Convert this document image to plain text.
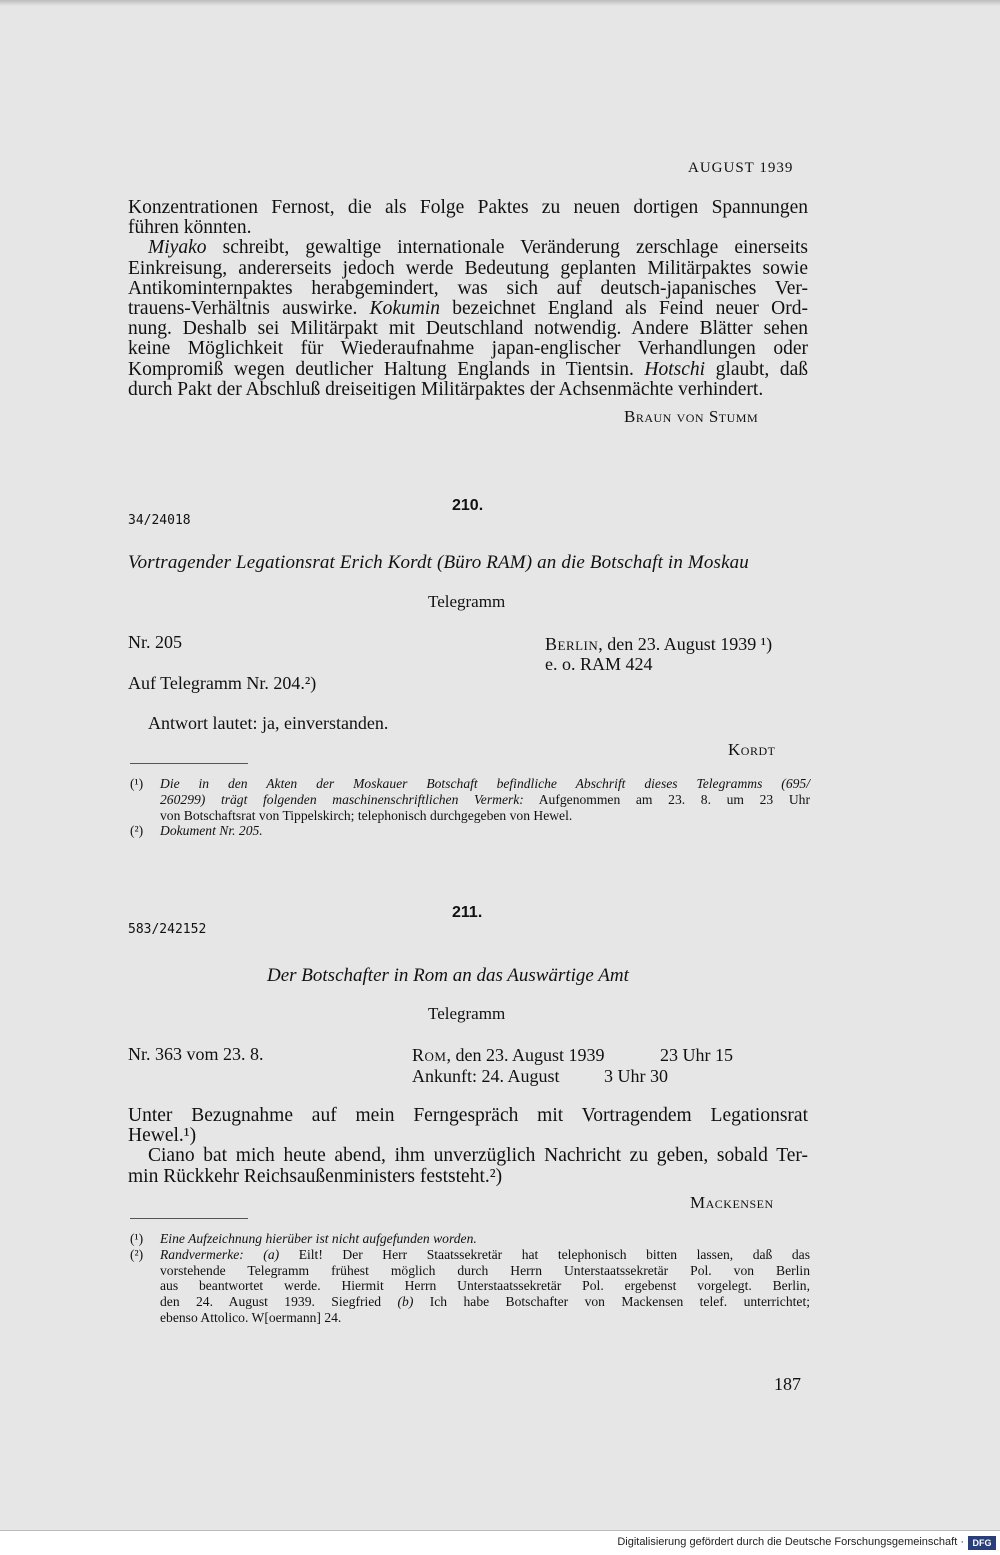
AUGUST 1939
Konzentrationen Fernost, die als Folge Paktes zu neuen dortigen Spannungen
führen könnten.
Miyako schreibt, gewaltige internationale Veränderung zerschlage einerseits
Einkreisung, andererseits jedoch werde Bedeutung geplanten Militärpaktes sowie
Antikominternpaktes herabgemindert, was sich auf deutsch-japanisches Ver-
trauens-Verhältnis auswirke. Kokumin bezeichnet England als Feind neuer Ord-
nung. Deshalb sei Militärpakt mit Deutschland notwendig. Andere Blätter sehen
keine Möglichkeit für Wiederaufnahme japan-englischer Verhandlungen oder
Kompromiß wegen deutlicher Haltung Englands in Tientsin. Hotschi glaubt, daß
durch Pakt der Abschluß dreiseitigen Militärpaktes der Achsenmächte verhindert.
Braun von Stumm
210.
34/24018
Vortragender Legationsrat Erich Kordt (Büro RAM) an die Botschaft in Moskau
Telegramm
Nr. 205	Berlin, den 23. August 1939 ¹)
e. o. RAM 424
Auf Telegramm Nr. 204.²)
Antwort lautet: ja, einverstanden.
Kordt
(¹)	Die in den Akten der Moskauer Botschaft befindliche Abschrift dieses Telegramms (695/
260299) trägt folgenden maschinenschriftlichen Vermerk: Aufgenommen am 23. 8. um 23 Uhr
von Botschaftsrat von Tippelskirch; telephonisch durchgegeben von Hewel.
(²)	Dokument Nr. 205.
211.
583/242152
Der Botschafter in Rom an das Auswärtige Amt
Telegramm
Nr. 363 vom 23. 8.	Rom, den 23. August 1939	23 Uhr 15
Ankunft: 24. August 3 Uhr 30
Unter Bezugnahme auf mein Ferngespräch mit Vortragendem Legationsrat
Hewel.¹)
Ciano bat mich heute abend, ihm unverzüglich Nachricht zu geben, sobald Ter-
min Rückkehr Reichsaußenministers feststeht.²)
Mackensen
(¹)	Eine Aufzeichnung hierüber ist nicht aufgefunden worden.
(²)	Randvermerke: (a) Eilt! Der Herr Staatssekretär hat telephonisch bitten lassen, daß das
vorstehende Telegramm frühest möglich durch Herrn Unterstaatssekretär Pol. von Berlin
aus beantwortet werde. Hiermit Herrn Unterstaatssekretär Pol. ergebenst vorgelegt. Berlin,
den 24. August 1939. Siegfried (b) Ich habe Botschafter von Mackensen telef. unterrichtet;
ebenso Attolico. W[oermann] 24.
187
Digitalisierung gefördert durch die Deutsche Forschungsgemeinschaft · DFG
